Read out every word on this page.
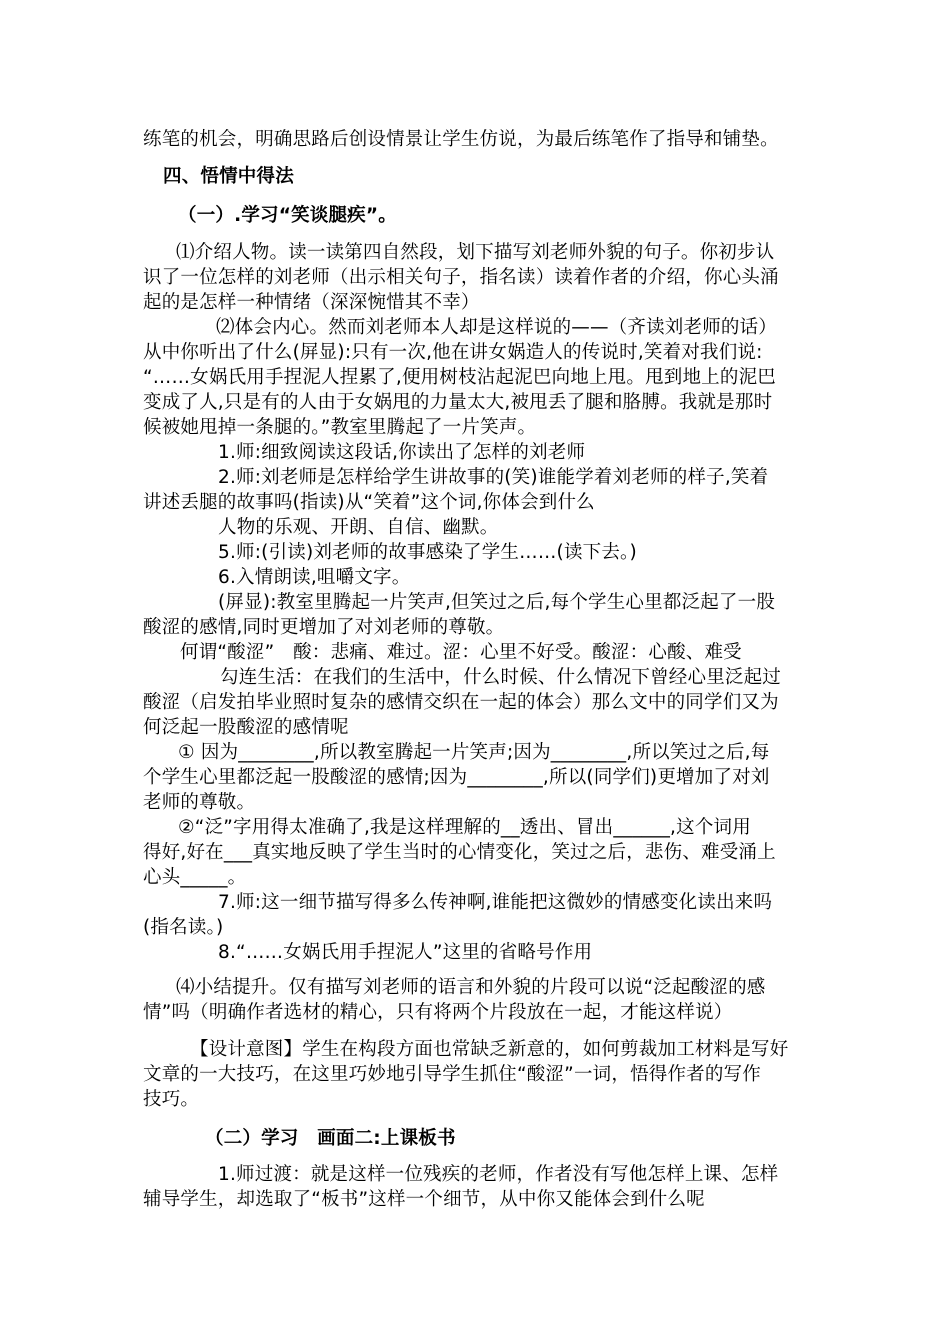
练笔的机会，明确思路后创设情景让学生仿说，为最后练笔作了指导和铺垫。

四、悟情中得法

（一）.学习“笑谈腿疾”。

⑴介绍人物。读一读第四自然段，划下描写刘老师外貌的句子。你初步认

识了一位怎样的刘老师（出示相关句子，指名读）读着作者的介绍，你心头涌

起的是怎样一种情绪（深深惋惜其不幸）

⑵体会内心。然而刘老师本人却是这样说的——（齐读刘老师的话）

从中你听出了什么(屏显):只有一次,他在讲女娲造人的传说时,笑着对我们说:

“……女娲氏用手捏泥人捏累了,便用树枝沾起泥巴向地上甩。甩到地上的泥巴

变成了人,只是有的人由于女娲甩的力量太大,被甩丢了腿和胳膊。我就是那时

候被她甩掉一条腿的。”教室里腾起了一片笑声。

1.师:细致阅读这段话,你读出了怎样的刘老师

2.师:刘老师是怎样给学生讲故事的(笑)谁能学着刘老师的样子,笑着

讲述丢腿的故事吗(指读)从“笑着”这个词,你体会到什么

人物的乐观、开朗、自信、幽默。

5.师:(引读)刘老师的故事感染了学生……(读下去。)

6.入情朗读,咀嚼文字。

(屏显):教室里腾起一片笑声,但笑过之后,每个学生心里都泛起了一股

酸涩的感情,同时更增加了对刘老师的尊敬。

何谓“酸涩”　酸：悲痛、难过。涩：心里不好受。酸涩：心酸、难受

勾连生活：在我们的生活中，什么时候、什么情况下曾经心里泛起过

酸涩（启发拍毕业照时复杂的感情交织在一起的体会）那么文中的同学们又为

何泛起一股酸涩的感情呢

① 因为________,所以教室腾起一片笑声;因为________,所以笑过之后,每

个学生心里都泛起一股酸涩的感情;因为________,所以(同学们)更增加了对刘

老师的尊敬。

②“泛”字用得太准确了,我是这样理解的__透出、冒出______,这个词用

得好,好在___真实地反映了学生当时的心情变化，笑过之后，悲伤、难受涌上

心头_____。

7.师:这一细节描写得多么传神啊,谁能把这微妙的情感变化读出来吗

(指名读。)

8.“……女娲氏用手捏泥人”这里的省略号作用

⑷小结提升。仅有描写刘老师的语言和外貌的片段可以说“泛起酸涩的感

情”吗（明确作者选材的精心，只有将两个片段放在一起，才能这样说）

【设计意图】学生在构段方面也常缺乏新意的，如何剪裁加工材料是写好

文章的一大技巧，在这里巧妙地引导学生抓住“酸涩”一词，悟得作者的写作

技巧。

（二）学习　画面二:上课板书

1.师过渡：就是这样一位残疾的老师，作者没有写他怎样上课、怎样

辅导学生，却选取了“板书”这样一个细节，从中你又能体会到什么呢
